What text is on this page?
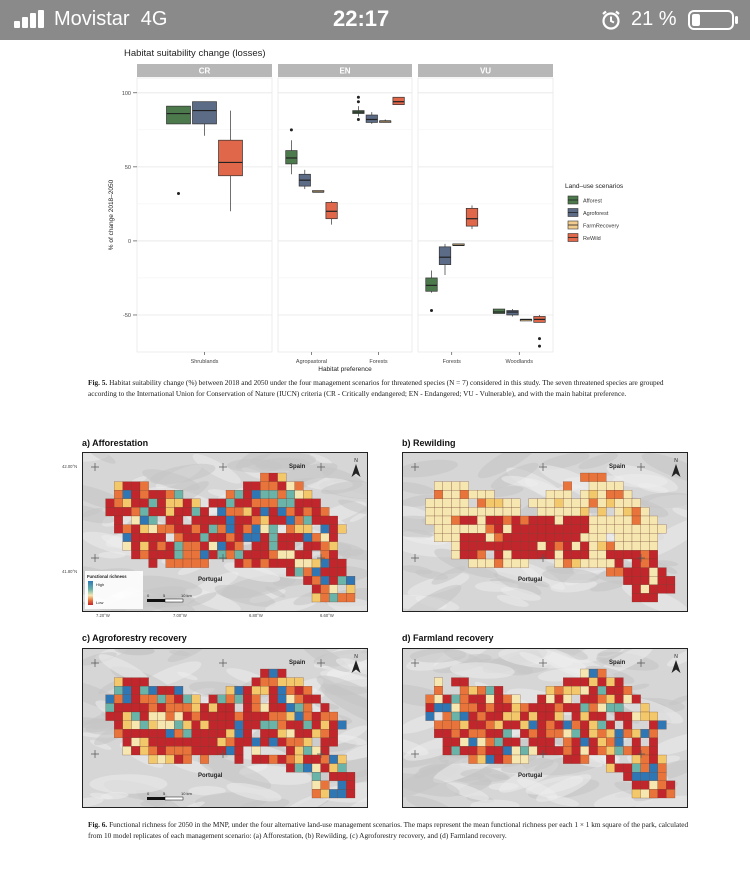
Movistar 4G	22:17	21 %
Habitat suitability change (losses)
CR
Shrublands
EN
Agropastoral	Forests
VU
Forests	Woodlands
-50
0
50
100
% of change 2018–2050
Habitat preference
Land–use scenarios
Afforest
Agroforest
FarmRecovery
ReWild
Fig. 5. Habitat suitability change (%) between 2018 and 2050 under the four management scenarios for threatened species (N = 7) considered in this study. The seven threatened species are grouped according to the International Union for Conservation of Nature (IUCN) criteria (CR - Critically endangered; EN - Endangered; VU - Vulnerable), and with the main habitat preference.
a) Afforestation	b) Rewilding
c) Agroforestry recovery	d) Farmland recovery
Spain
Portugal
N
Functional richness
High
Low
0	5	10 km
Spain
Portugal
N
Spain
Portugal
N
0	5	10 km
Spain
Portugal
N
42.00°N
41.80°N
7.20°W	7.00°W	6.80°W	6.60°W
Fig. 6. Functional richness for 2050 in the MNP, under the four alternative land-use management scenarios. The maps represent the mean functional richness per each 1 × 1 km square of the park, calculated from 10 model replicates of each management scenario: (a) Afforestation, (b) Rewilding, (c) Agroforestry recovery, and (d) Farmland recovery.
